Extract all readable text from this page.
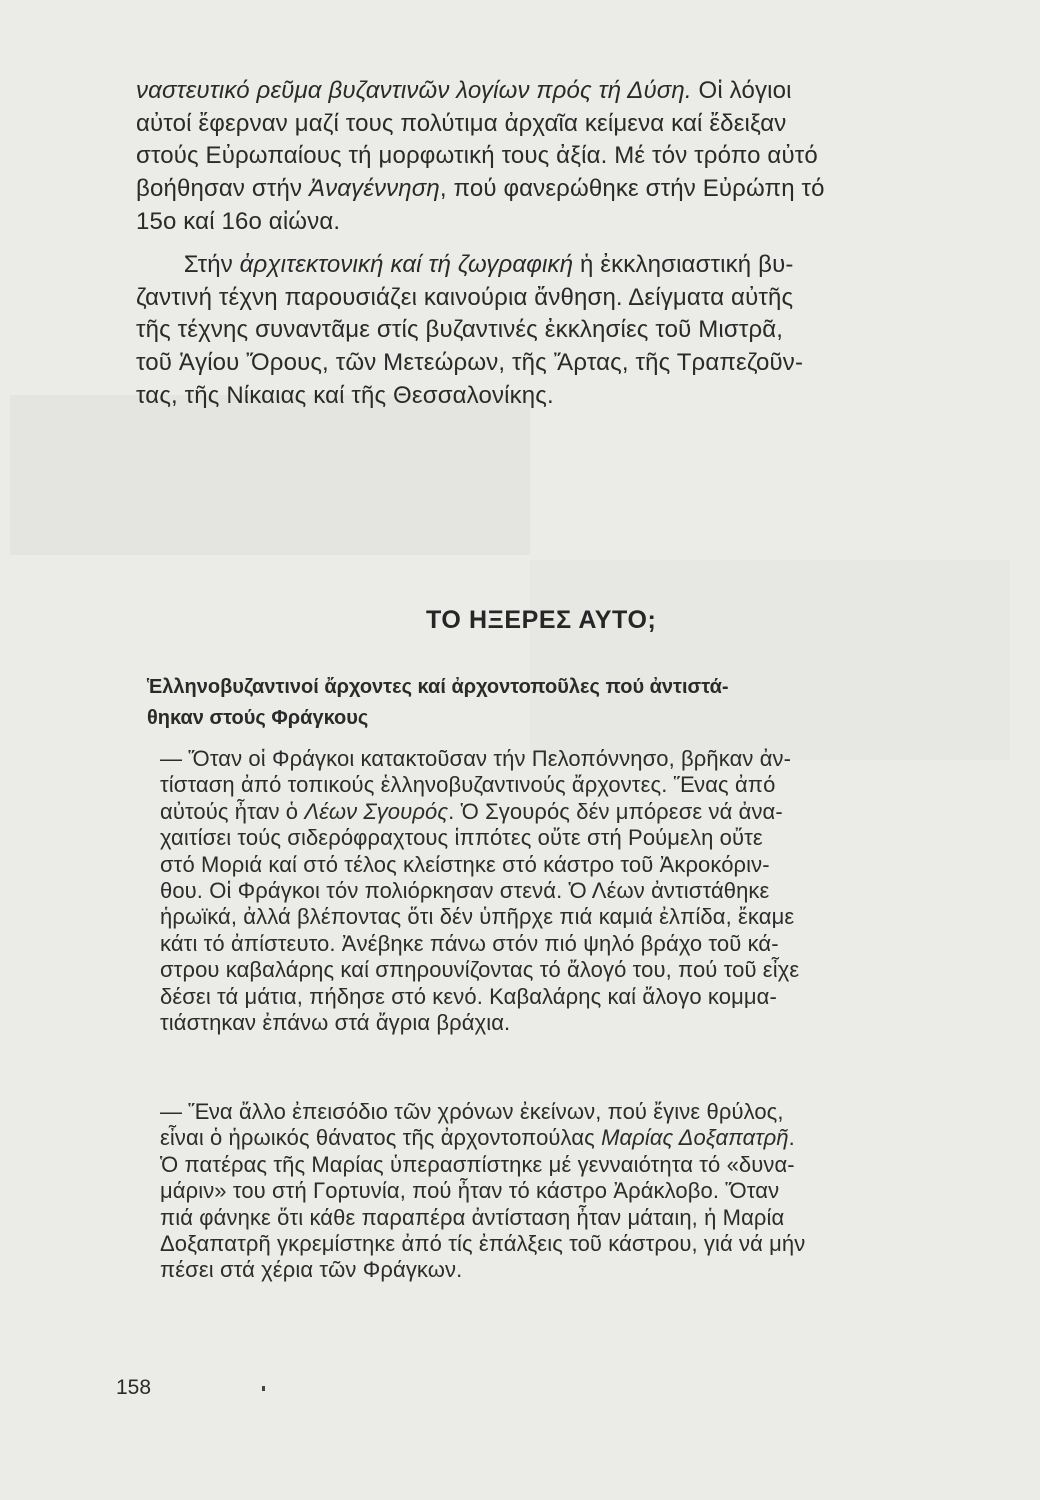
ναστευτικό ρεῦμα βυζαντινῶν λογίων πρός τή Δύση. Οἱ λόγιοι
αὐτοί ἔφερναν μαζί τους πολύτιμα ἀρχαῖα κείμενα καί ἔδειξαν
στούς Εὐρωπαίους τή μορφωτική τους ἀξία. Μέ τόν τρόπο αὐτό
βοήθησαν στήν Ἀναγέννηση, πού φανερώθηκε στήν Εὐρώπη τό
15ο καί 16ο αἰώνα.

Στήν ἀρχιτεκτονική καί τή ζωγραφική ἡ ἐκκλησιαστική βυ-
ζαντινή τέχνη παρουσιάζει καινούρια ἄνθηση. Δείγματα αὐτῆς
τῆς τέχνης συναντᾶμε στίς βυζαντινές ἐκκλησίες τοῦ Μιστρᾶ,
τοῦ Ἁγίου Ὄρους, τῶν Μετεώρων, τῆς Ἄρτας, τῆς Τραπεζοῦν-
τας, τῆς Νίκαιας καί τῆς Θεσσαλονίκης.

ΤΟ ΗΞΕΡΕΣ ΑΥΤΟ;

Ἑλληνοβυζαντινοί ἄρχοντες καί ἀρχοντοποῦλες πού ἀντιστά-
θηκαν στούς Φράγκους

— Ὅταν οἱ Φράγκοι κατακτοῦσαν τήν Πελοπόννησο, βρῆκαν ἀν-
τίσταση ἀπό τοπικούς ἑλληνοβυζαντινούς ἄρχοντες. Ἕνας ἀπό
αὐτούς ἦταν ὁ Λέων Σγουρός. Ὁ Σγουρός δέν μπόρεσε νά ἀνα-
χαιτίσει τούς σιδερόφραχτους ἱππότες οὔτε στή Ρούμελη οὔτε
στό Μοριά καί στό τέλος κλείστηκε στό κάστρο τοῦ Ἀκροκόριν-
θου. Οἱ Φράγκοι τόν πολιόρκησαν στενά. Ὁ Λέων ἀντιστάθηκε
ἡρωϊκά, ἀλλά βλέποντας ὅτι δέν ὑπῆρχε πιά καμιά ἐλπίδα, ἔκαμε
κάτι τό ἀπίστευτο. Ἀνέβηκε πάνω στόν πιό ψηλό βράχο τοῦ κά-
στρου καβαλάρης καί σπηρουνίζοντας τό ἄλογό του, πού τοῦ εἶχε
δέσει τά μάτια, πήδησε στό κενό. Καβαλάρης καί ἄλογο κομμα-
τιάστηκαν ἐπάνω στά ἄγρια βράχια.

— Ἕνα ἄλλο ἐπεισόδιο τῶν χρόνων ἐκείνων, πού ἔγινε θρύλος,
εἶναι ὁ ἡρωικός θάνατος τῆς ἀρχοντοπούλας Μαρίας Δοξαπατρῆ.
Ὁ πατέρας τῆς Μαρίας ὑπερασπίστηκε μέ γενναιότητα τό «δυνα-
μάριν» του στή Γορτυνία, πού ἦταν τό κάστρο Ἀράκλοβο. Ὅταν
πιά φάνηκε ὅτι κάθε παραπέρα ἀντίσταση ἦταν μάταιη, ἡ Μαρία
Δοξαπατρῆ γκρεμίστηκε ἀπό τίς ἐπάλξεις τοῦ κάστρου, γιά νά μήν
πέσει στά χέρια τῶν Φράγκων.

158
